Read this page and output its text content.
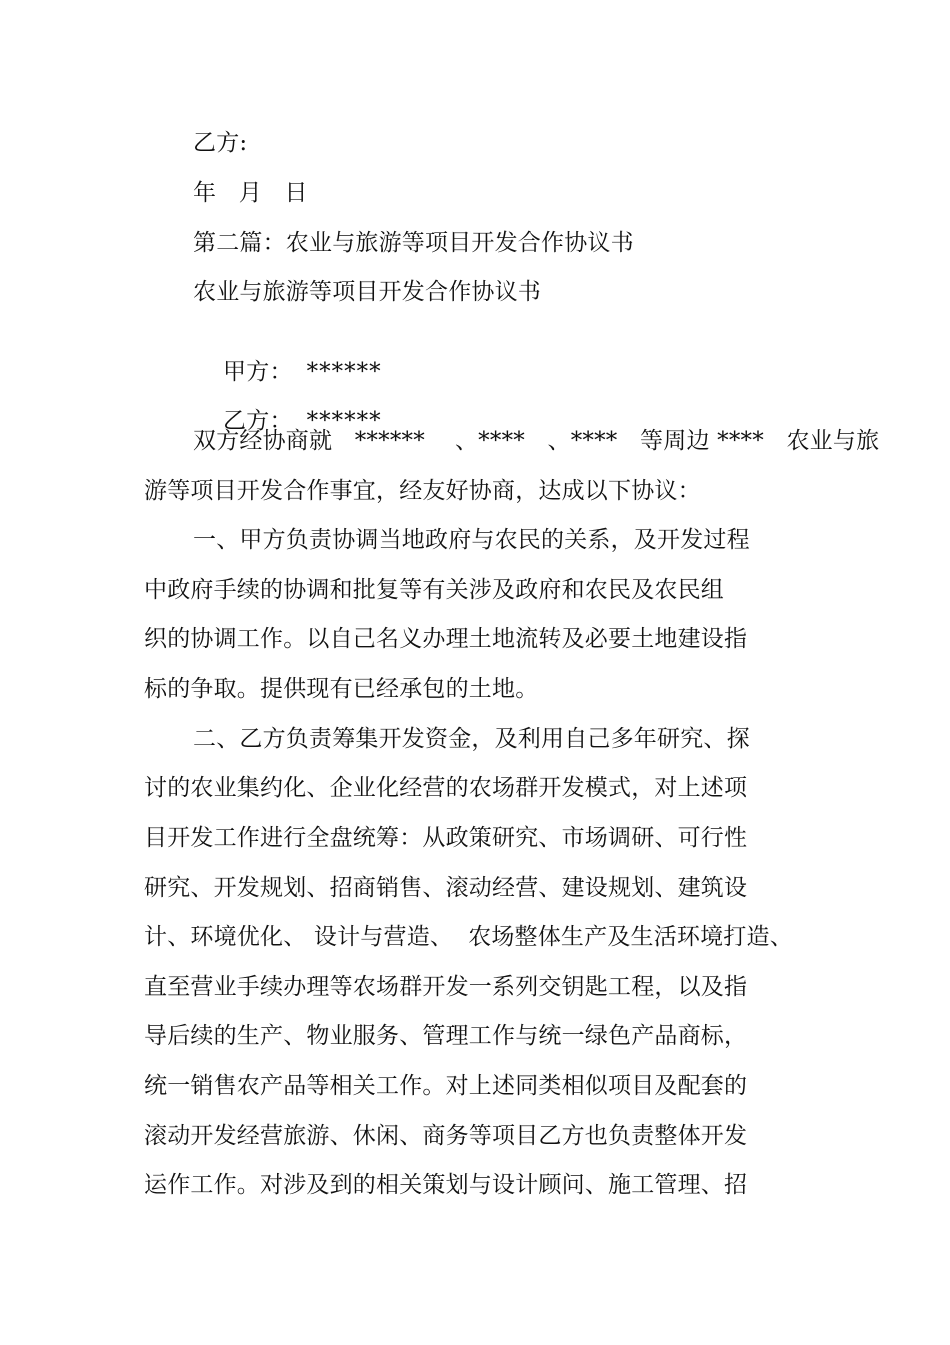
乙方:
年   月   日
第二篇：农业与旅游等项目开发合作协议书
农业与旅游等项目开发合作协议书

甲方： ******

乙方： ******

双方经协商就   ******    、****   、****   等周边 ****   农业与旅
游等项目开发合作事宜，经友好协商，达成以下协议：
一、甲方负责协调当地政府与农民的关系，及开发过程
中政府手续的协调和批复等有关涉及政府和农民及农民组
织的协调工作。以自己名义办理土地流转及必要土地建设指
标的争取。提供现有已经承包的土地。
二、乙方负责筹集开发资金，及利用自己多年研究、探
讨的农业集约化、企业化经营的农场群开发模式，对上述项
目开发工作进行全盘统筹：从政策研究、市场调研、可行性
研究、开发规划、招商销售、滚动经营、建设规划、建筑设
计、环境优化、 设计与营造、  农场整体生产及生活环境打造、
直至营业手续办理等农场群开发一系列交钥匙工程，以及指
导后续的生产、物业服务、管理工作与统一绿色产品商标，
统一销售农产品等相关工作。对上述同类相似项目及配套的
滚动开发经营旅游、休闲、商务等项目乙方也负责整体开发
运作工作。对涉及到的相关策划与设计顾问、施工管理、招
